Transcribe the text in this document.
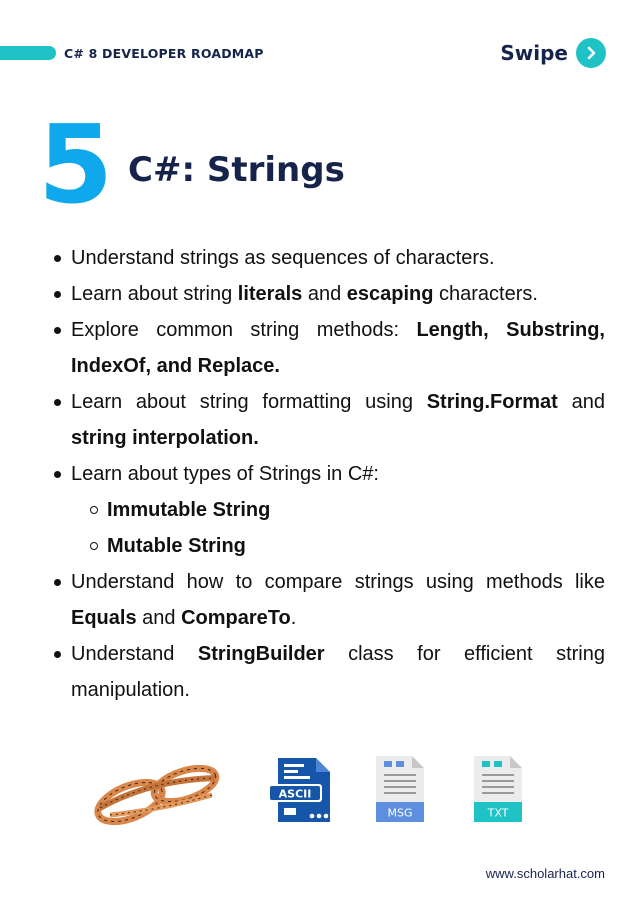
C# 8 DEVELOPER ROADMAP	Swipe
5 C#: Strings
Understand strings as sequences of characters.
Learn about string literals and escaping characters.
Explore common string methods: Length, Substring, IndexOf, and Replace.
Learn about string formatting using String.Format and string interpolation.
Learn about types of Strings in C#:
Immutable String
Mutable String
Understand how to compare strings using methods like Equals and CompareTo.
Understand StringBuilder class for efficient string manipulation.
ASCII
MSG	TXT
www.scholarhat.com
